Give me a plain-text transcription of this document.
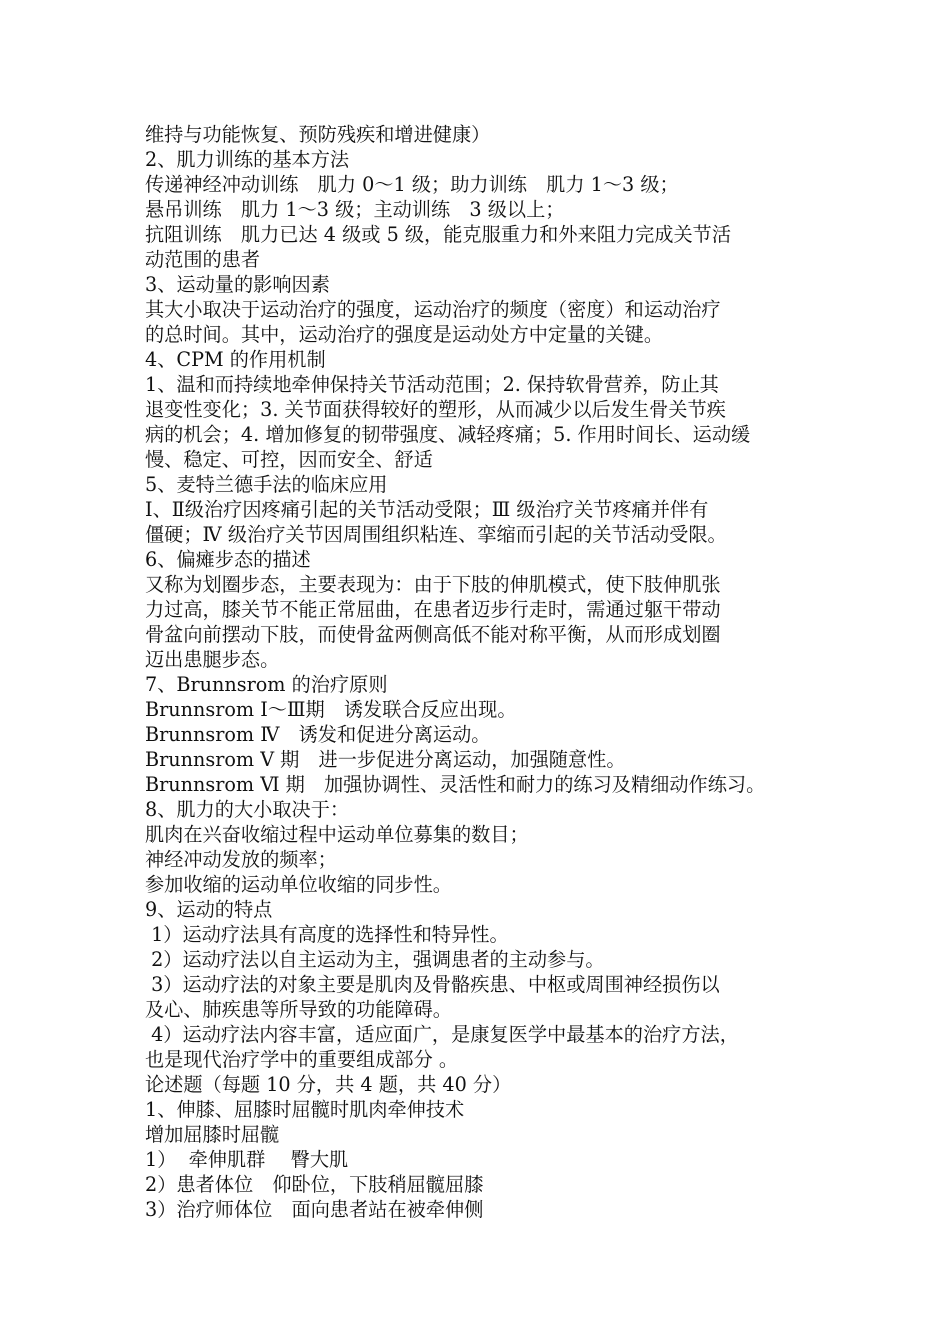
维持与功能恢复、预防残疾和增进健康）
2、肌力训练的基本方法
传递神经冲动训练　肌力 0～1 级；助力训练　肌力 1～3 级；
悬吊训练　肌力 1～3 级；主动训练　3 级以上；
抗阻训练　肌力已达 4 级或 5 级，能克服重力和外来阻力完成关节活
动范围的患者
3、运动量的影响因素
其大小取决于运动治疗的强度，运动治疗的频度（密度）和运动治疗
的总时间。其中，运动治疗的强度是运动处方中定量的关键。
4、CPM 的作用机制
1、温和而持续地牵伸保持关节活动范围；2. 保持软骨营养，防止其
退变性变化；3. 关节面获得较好的塑形，从而减少以后发生骨关节疾
病的机会；4. 增加修复的韧带强度、减轻疼痛；5. 作用时间长、运动缓
慢、稳定、可控，因而安全、舒适
5、麦特兰德手法的临床应用
Ⅰ、Ⅱ级治疗因疼痛引起的关节活动受限；Ⅲ 级治疗关节疼痛并伴有
僵硬；Ⅳ 级治疗关节因周围组织粘连、挛缩而引起的关节活动受限。
6、偏瘫步态的描述
又称为划圈步态，主要表现为：由于下肢的伸肌模式，使下肢伸肌张
力过高，膝关节不能正常屈曲，在患者迈步行走时，需通过躯干带动
骨盆向前摆动下肢，而使骨盆两侧高低不能对称平衡，从而形成划圈
迈出患腿步态。
7、Brunnsrom 的治疗原则
Brunnsrom Ⅰ～Ⅲ期　诱发联合反应出现。
Brunnsrom Ⅳ　诱发和促进分离运动。
Brunnsrom Ⅴ 期　进一步促进分离运动，加强随意性。
Brunnsrom Ⅵ 期　加强协调性、灵活性和耐力的练习及精细动作练习。
8、肌力的大小取决于：
肌肉在兴奋收缩过程中运动单位募集的数目；
神经冲动发放的频率；
参加收缩的运动单位收缩的同步性。
9、运动的特点
1）运动疗法具有高度的选择性和特异性。
2）运动疗法以自主运动为主，强调患者的主动参与。
3）运动疗法的对象主要是肌肉及骨骼疾患、中枢或周围神经损伤以
及心、肺疾患等所导致的功能障碍。
4）运动疗法内容丰富，适应面广，是康复医学中最基本的治疗方法，
也是现代治疗学中的重要组成部分 。
论述题（每题 10 分，共 4 题，共 40 分）
1、伸膝、屈膝时屈髋时肌肉牵伸技术
增加屈膝时屈髋
1）  牵伸肌群　 臀大肌
2）患者体位　仰卧位，下肢稍屈髋屈膝
3）治疗师体位　面向患者站在被牵伸侧
